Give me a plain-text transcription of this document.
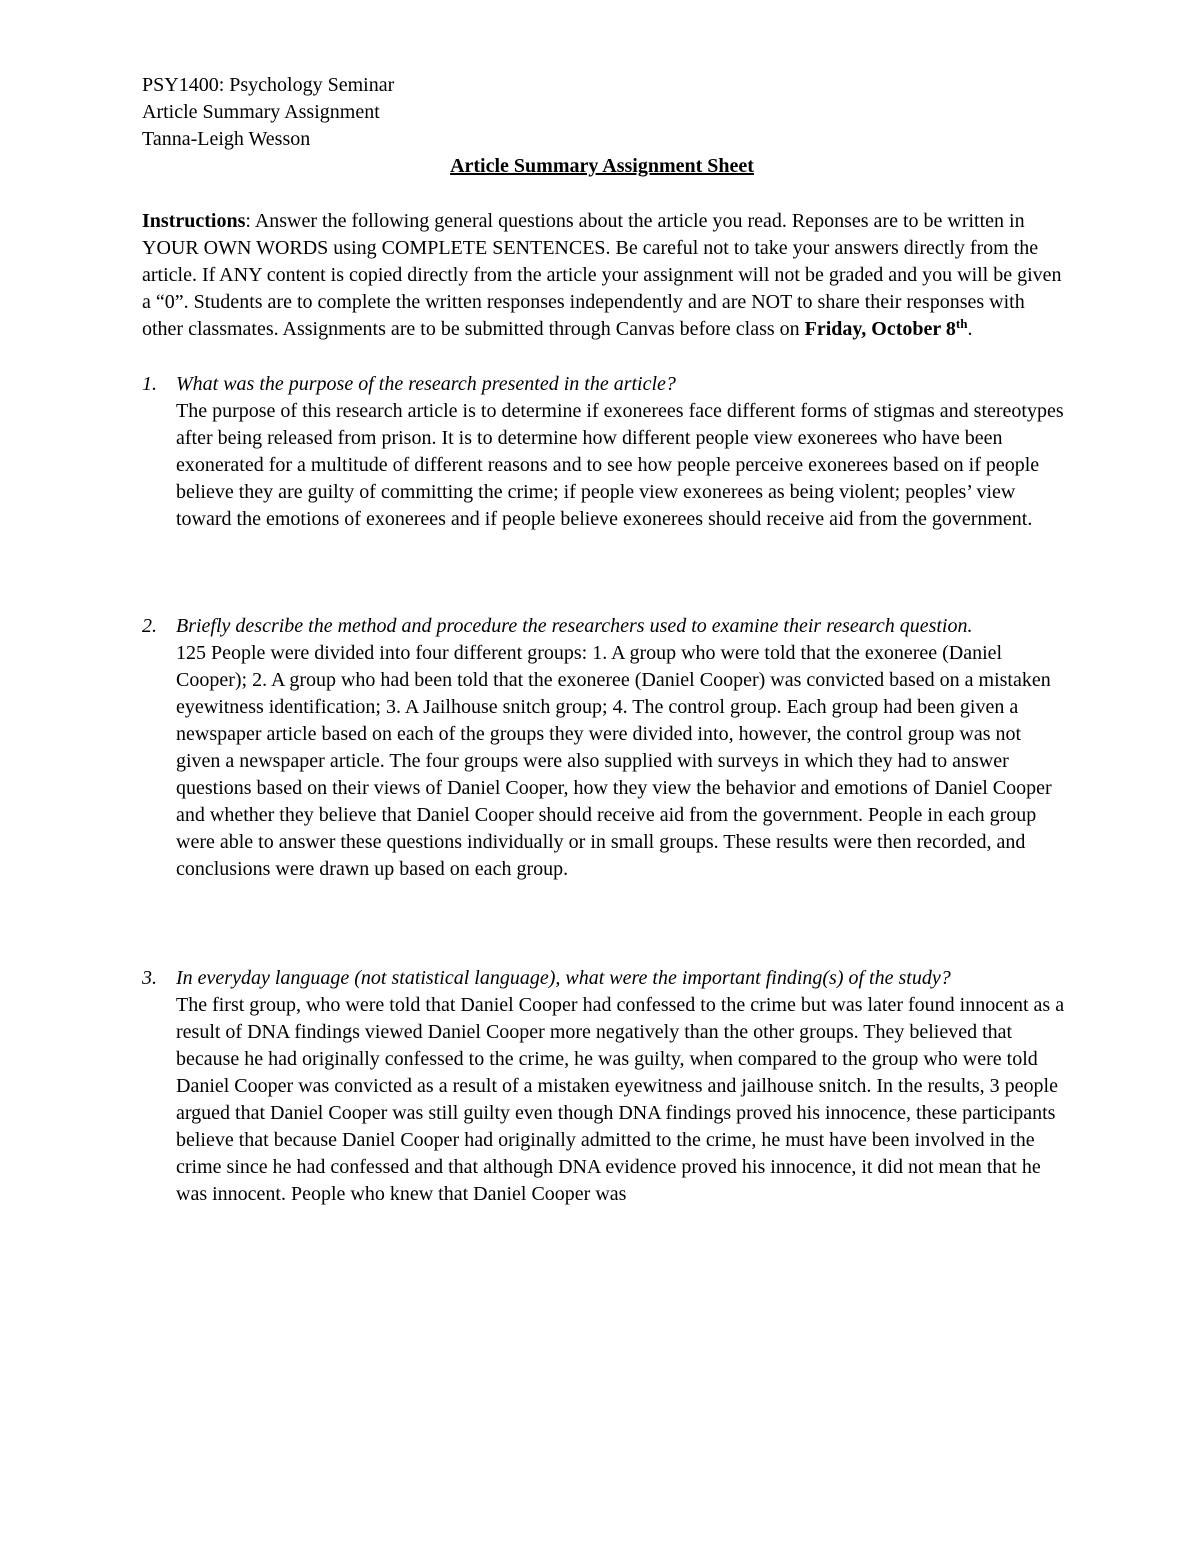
PSY1400: Psychology Seminar

Article Summary Assignment

Tanna-Leigh Wesson

Article Summary Assignment Sheet

Instructions: Answer the following general questions about the article you read. Reponses are to be written in YOUR OWN WORDS using COMPLETE SENTENCES. Be careful not to take your answers directly from the article. If ANY content is copied directly from the article your assignment will not be graded and you will be given a “0”. Students are to complete the written responses independently and are NOT to share their responses with other classmates. Assignments are to be submitted through Canvas before class on Friday, October 8th.

1. What was the purpose of the research presented in the article?

The purpose of this research article is to determine if exonerees face different forms of stigmas and stereotypes after being released from prison. It is to determine how different people view exonerees who have been exonerated for a multitude of different reasons and to see how people perceive exonerees based on if people believe they are guilty of committing the crime; if people view exonerees as being violent; peoples’ view toward the emotions of exonerees and if people believe exonerees should receive aid from the government.

2. Briefly describe the method and procedure the researchers used to examine their research question.

125 People were divided into four different groups: 1. A group who were told that the exoneree (Daniel Cooper); 2. A group who had been told that the exoneree (Daniel Cooper) was convicted based on a mistaken eyewitness identification; 3. A Jailhouse snitch group; 4. The control group. Each group had been given a newspaper article based on each of the groups they were divided into, however, the control group was not given a newspaper article. The four groups were also supplied with surveys in which they had to answer questions based on their views of Daniel Cooper, how they view the behavior and emotions of Daniel Cooper and whether they believe that Daniel Cooper should receive aid from the government. People in each group were able to answer these questions individually or in small groups. These results were then recorded, and conclusions were drawn up based on each group.

3. In everyday language (not statistical language), what were the important finding(s) of the study?

The first group, who were told that Daniel Cooper had confessed to the crime but was later found innocent as a result of DNA findings viewed Daniel Cooper more negatively than the other groups. They believed that because he had originally confessed to the crime, he was guilty, when compared to the group who were told Daniel Cooper was convicted as a result of a mistaken eyewitness and jailhouse snitch. In the results, 3 people argued that Daniel Cooper was still guilty even though DNA findings proved his innocence, these participants believe that because Daniel Cooper had originally admitted to the crime, he must have been involved in the crime since he had confessed and that although DNA evidence proved his innocence, it did not mean that he was innocent. People who knew that Daniel Cooper was
